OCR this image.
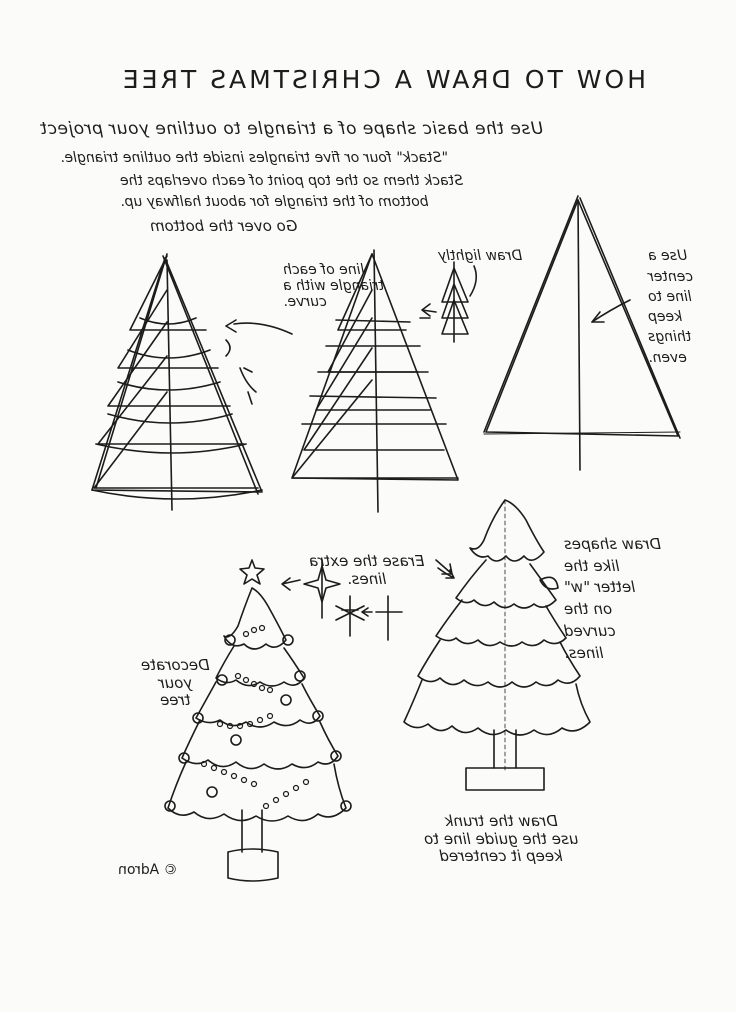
HOW TO DRAW A CHRISTMAS TREE
Use the basic shape of a triangle to outline your project
"Stack" four or five triangles inside the outline triangle.
Stack them so the top point of each overlaps the
bottom of the triangle for about halfway up.
Go over the bottom

line of each
triangle with a
curve.

Draw lightly	Use a
center
line to
keep
things
even.

Erase the extra
lines.

Draw shapes
like the
letter "w"
on the
curved
lines.

Decorate
your
tree

Draw the trunk
use the guide line to
keep it centered

© Adron
